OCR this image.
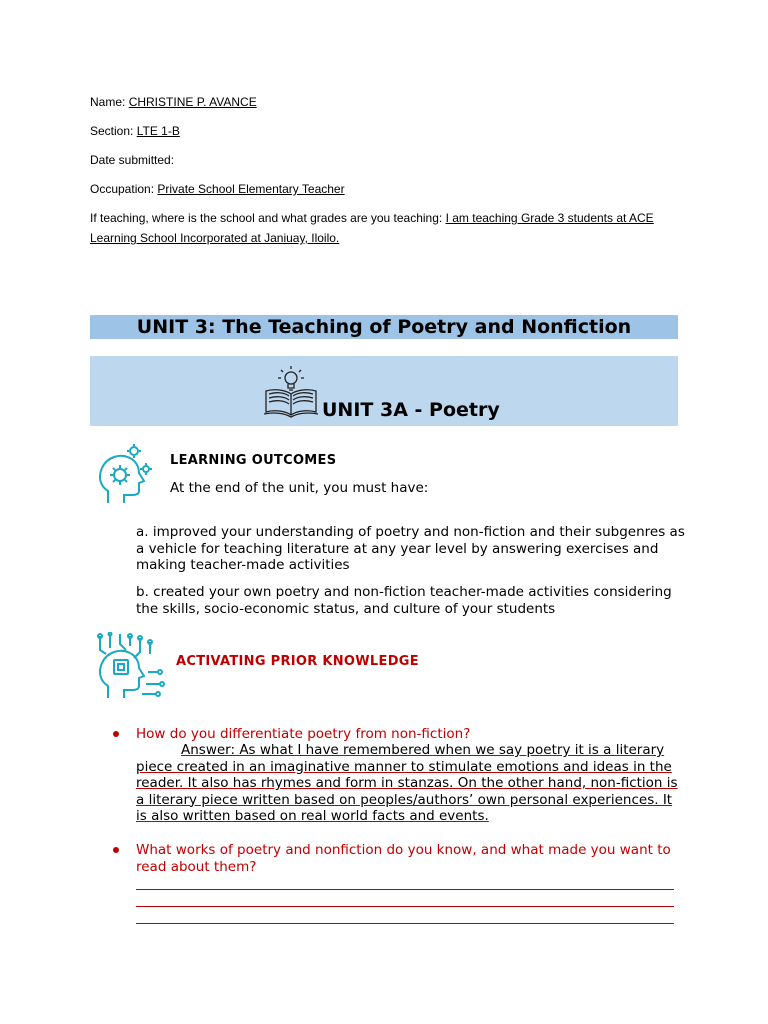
Name: CHRISTINE P. AVANCE
Section: LTE 1-B
Date submitted:
Occupation: Private School Elementary Teacher
If teaching, where is the school and what grades are you teaching: I am teaching Grade 3 students at ACE Learning School Incorporated at Janiuay, Iloilo.
UNIT 3: The Teaching of Poetry and Nonfiction
UNIT 3A - Poetry
LEARNING OUTCOMES
At the end of the unit, you must have:
a. improved your understanding of poetry and non-fiction and their subgenres as a vehicle for teaching literature at any year level by answering exercises and making teacher-made activities
b. created your own poetry and non-fiction teacher-made activities considering the skills, socio-economic status, and culture of your students
ACTIVATING PRIOR KNOWLEDGE
How do you differentiate poetry from non-fiction?
Answer: As what I have remembered when we say poetry it is a literary piece created in an imaginative manner to stimulate emotions and ideas in the reader. It also has rhymes and form in stanzas. On the other hand, non-fiction is a literary piece written based on peoples/authors’ own personal experiences. It is also written based on real world facts and events.
What works of poetry and nonfiction do you know, and what made you want to read about them?
